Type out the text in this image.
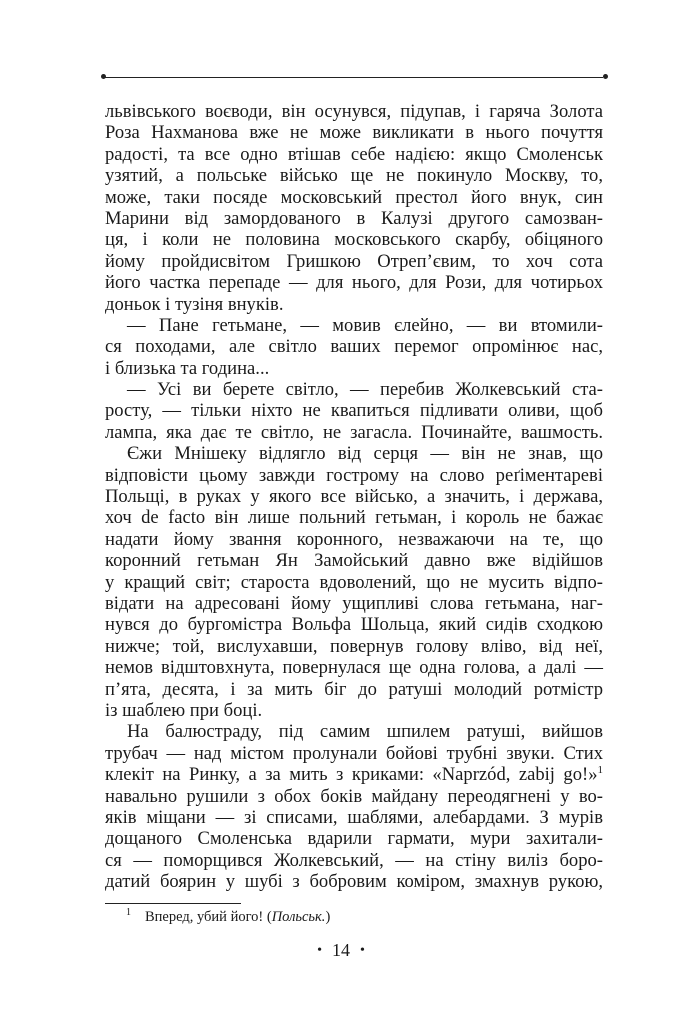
львівського воєводи, він осунувся, підупав, і гаряча Золота
Роза Нахманова вже не може викликати в нього почуття
радості, та все одно втішав себе надією: якщо Смоленськ
узятий, а польське військо ще не покинуло Москву, то,
може, таки посяде московський престол його внук, син
Марини від замордованого в Калузі другого самозван-
ця, і коли не половина московського скарбу, обіцяного
йому пройдисвітом Гришкою Отреп’євим, то хоч сота
його частка перепаде — для нього, для Рози, для чотирьох
доньок і тузіня внуків.
— Пане гетьмане, — мовив єлейно, — ви втомили-
ся походами, але світло ваших перемог опромінює нас,
і близька та година...
— Усі ви берете світло, — перебив Жолкевський ста-
росту, — тільки ніхто не квапиться підливати оливи, щоб
лампа, яка дає те світло, не загасла. Починайте, вашмость.
Єжи Мнішеку відлягло від серця — він не знав, що
відповісти цьому завжди гострому на слово реґіментареві
Польщі, в руках у якого все військо, а значить, і держава,
хоч de facto він лише польний гетьман, і король не бажає
надати йому звання коронного, незважаючи на те, що
коронний гетьман Ян Замойський давно вже відійшов
у кращий світ; староста вдоволений, що не мусить відпо-
відати на адресовані йому ущипливі слова гетьмана, наг-
нувся до бургомістра Вольфа Шольца, який сидів сходкою
нижче; той, вислухавши, повернув голову вліво, від неї,
немов відштовхнута, повернулася ще одна голова, а далі —
п’ята, десята, і за мить біг до ратуші молодий ротмістр
із шаблею при боці.
На балюстраду, під самим шпилем ратуші, вийшов
трубач — над містом пролунали бойові трубні звуки. Стих
клекіт на Ринку, а за мить з криками: «Naprzód, zabij go!»$^1$
навально рушили з обох боків майдану переодягнені у во-
яків міщани — зі списами, шаблями, алебардами. З мурів
дощаного Смоленська вдарили гармати, мури захитали-
ся — поморщився Жолкевський, — на стіну виліз боро-
датий боярин у шубі з бобровим коміром, змахнув рукою,
$^1$ Вперед, убий його! (Польськ.)
• 14 •
